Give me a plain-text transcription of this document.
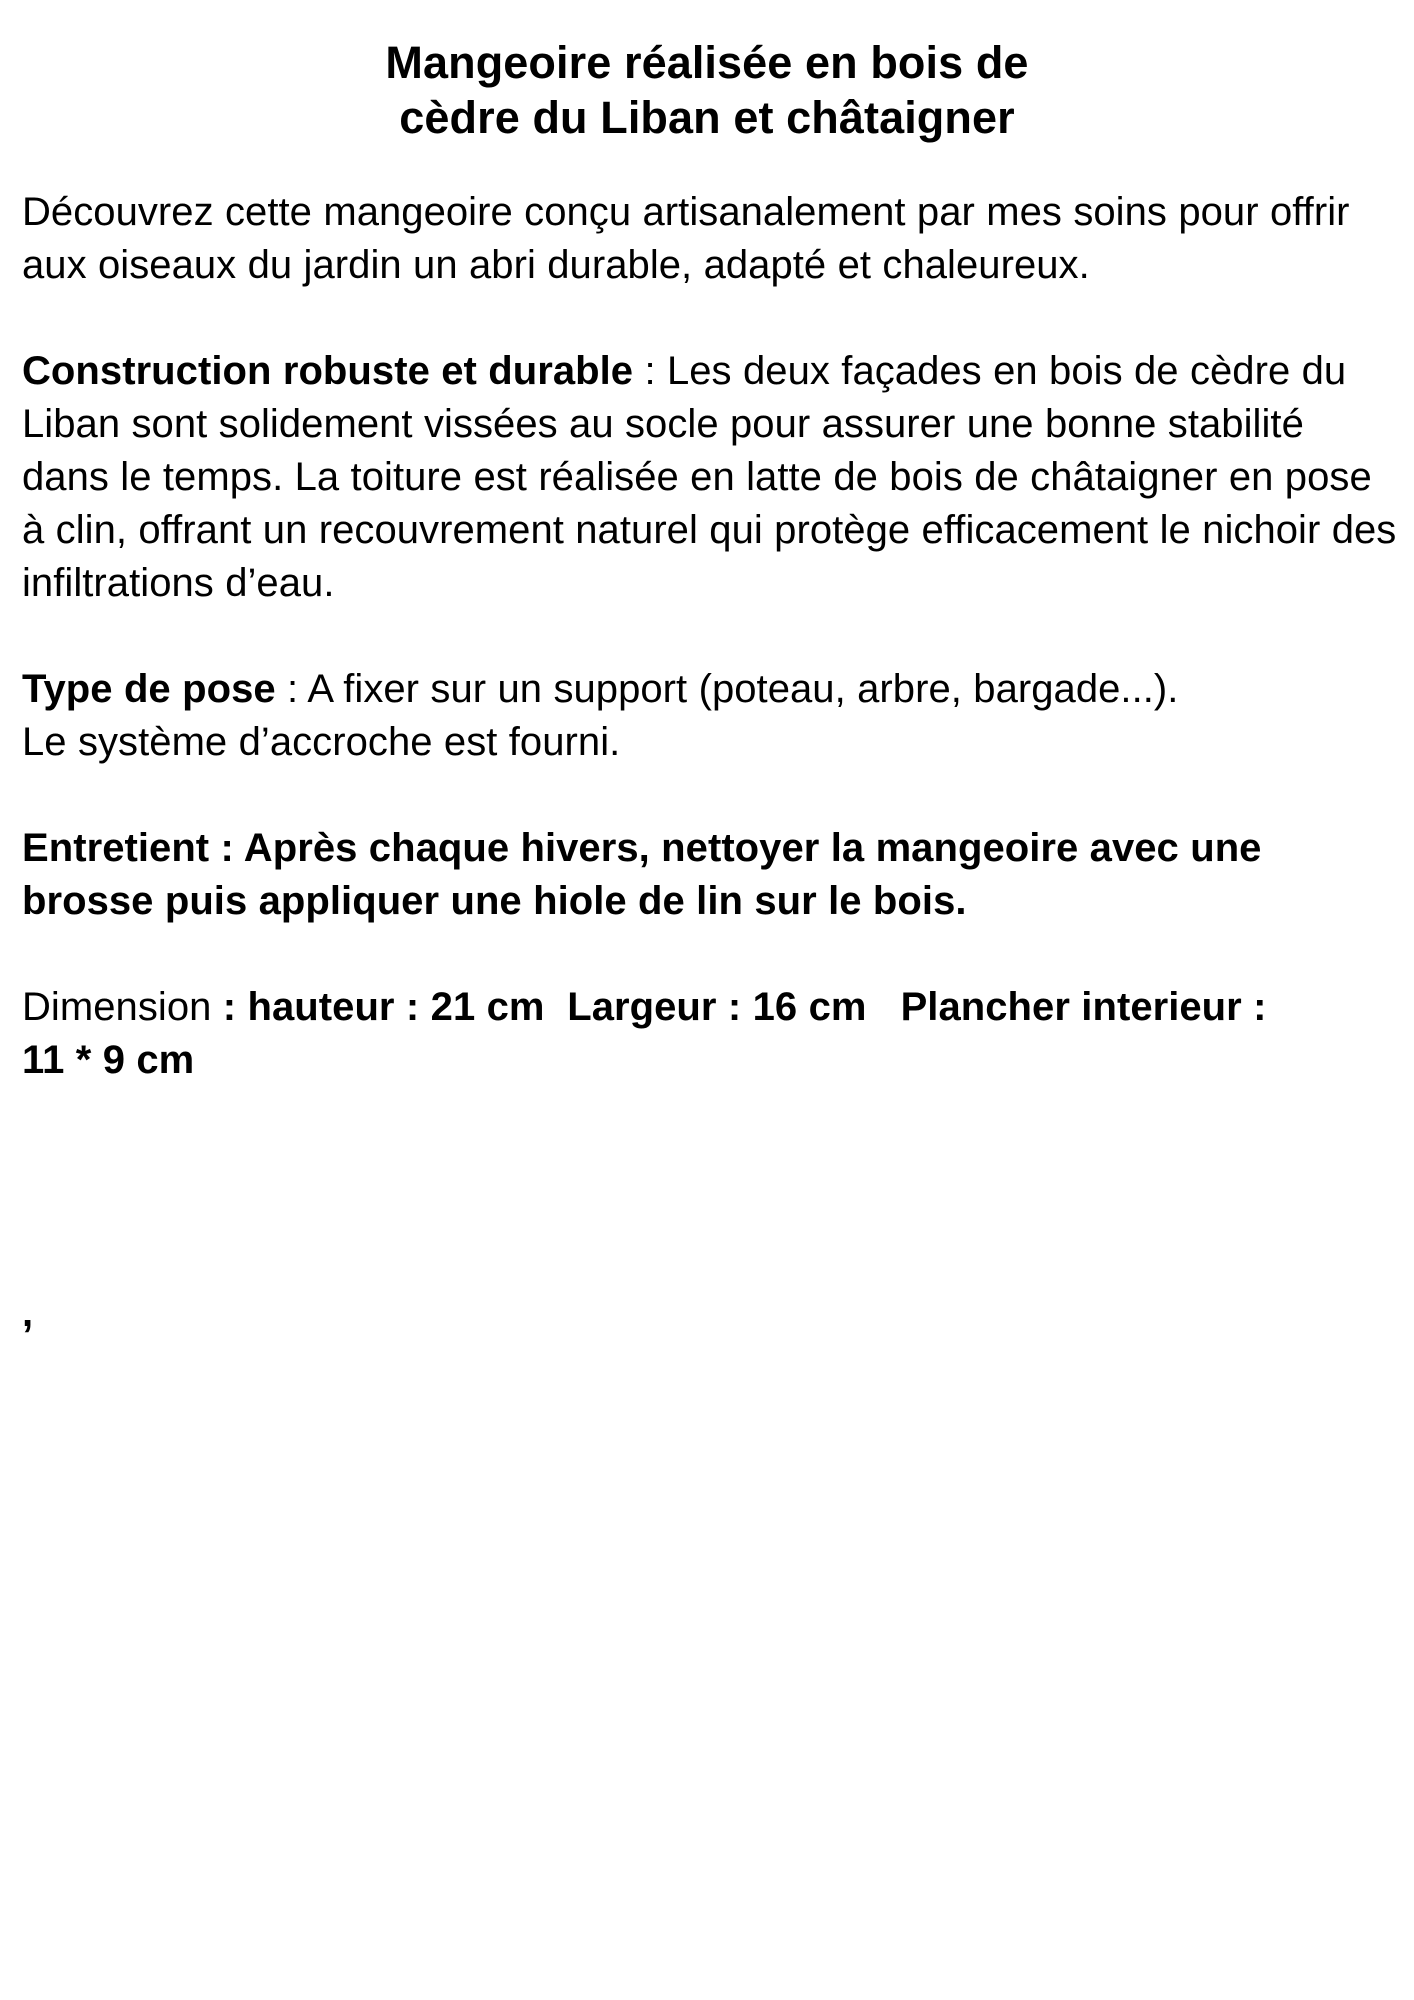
Mangeoire réalisée en bois de
cèdre du Liban et châtaigner

Découvrez cette mangeoire conçu artisanalement par mes soins pour offrir aux oiseaux du jardin un abri durable, adapté et chaleureux.

Construction robuste et durable : Les deux façades en bois de cèdre du Liban sont solidement vissées au socle pour assurer une bonne stabilité dans le temps. La toiture est réalisée en latte de bois de châtaigner en pose à clin, offrant un recouvrement naturel qui protège efficacement le nichoir des infiltrations d’eau.

Type de pose : A fixer sur un support (poteau, arbre, bargade...).

Le système d’accroche est fourni.

Entretient : Après chaque hivers, nettoyer la mangeoire avec une brosse puis appliquer une hiole de lin sur le bois.

Dimension : hauteur : 21 cm  Largeur : 16 cm   Plancher interieur :

11 * 9 cm

,
